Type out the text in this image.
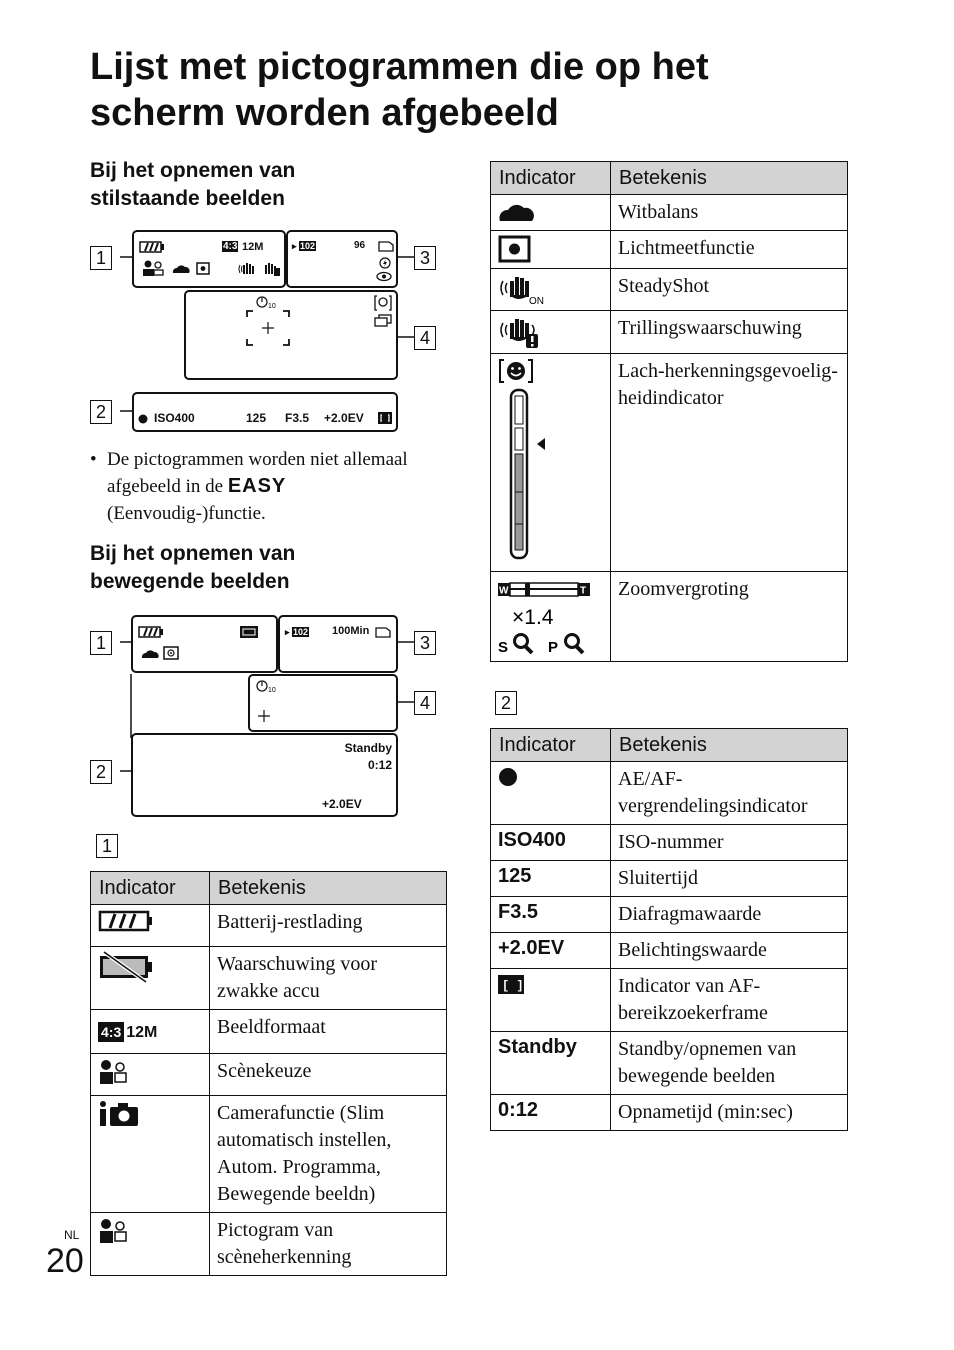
Lijst met pictogrammen die op het scherm worden afgebeeld
Bij het opnemen van stilstaande beelden
1
2
3
4
4:3 12M	▸ 102	96
10
ISO400	125 F3.5 +2.0EV
• De pictogrammen worden niet allemaal afgebeeld in de EASY
(Eenvoudig-)functie.
Bij het opnemen van bewegende beelden
1
2
3
4
▸ 102 100Min
10
Standby
0:12
+2.0EV
1
Indicator	Betekenis

	Batterij-restlading

	Waarschuwing voor zwakke accu
4:3 12M	Beeldformaat

	Scènekeuze

	Camerafunctie (Slim automatisch instellen, Autom. Programma, Bewegende beeldn)

	Pictogram van scèneherkenning
Indicator	Betekenis

	Witbalans

	Lichtmeetfunctie

ON	SteadyShot

	Trillingswaarschuwing

	Lach-herkenningsgevoelig-heidindicator

W T
×1.4
S P	Zoomvergroting
2
Indicator	Betekenis

	AE/AF-vergrendelingsindicator
ISO400	ISO-nummer
125	Sluitertijd
F3.5	Diafragmawaarde
+2.0EV	Belichtingswaarde

[ ]	Indicator van AF-bereikzoekerframe
Standby	Standby/opnemen van bewegende beelden
0:12	Opnametijd (min:sec)
NL
20
